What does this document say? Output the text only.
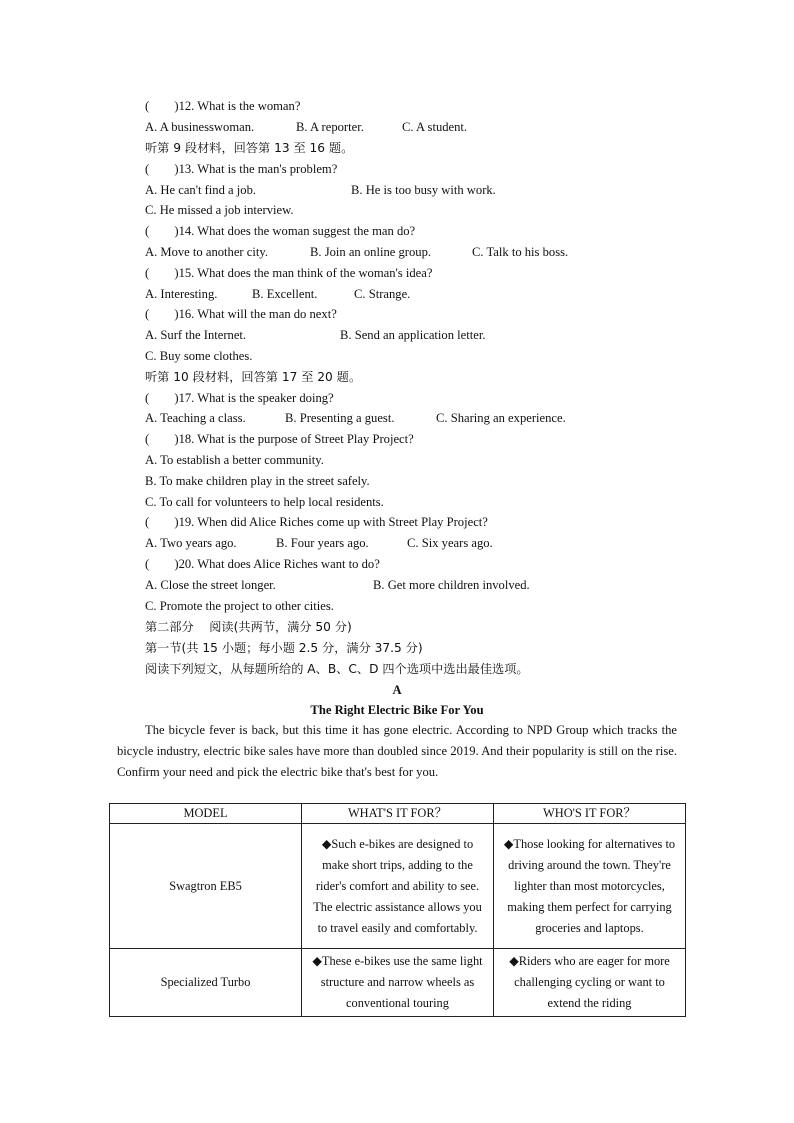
(        )12. What is the woman?
A. A businesswoman.	B. A reporter.	C. A student.
听第 9 段材料，回答第 13 至 16 题。
(        )13. What is the man's problem?
A. He can't find a job.	B. He is too busy with work.
C. He missed a job interview.
(        )14. What does the woman suggest the man do?
A. Move to another city.	B. Join an online group.	C. Talk to his boss.
(        )15. What does the man think of the woman's idea?
A. Interesting.	B. Excellent.	C. Strange.
(        )16. What will the man do next?
A. Surf the Internet.	B. Send an application letter.
C. Buy some clothes.
听第 10 段材料，回答第 17 至 20 题。
(        )17. What is the speaker doing?
A. Teaching a class.	B. Presenting a guest.	C. Sharing an experience.
(        )18. What is the purpose of Street Play Project?
A. To establish a better community.
B. To make children play in the street safely.
C. To call for volunteers to help local residents.
(        )19. When did Alice Riches come up with Street Play Project?
A. Two years ago.	B. Four years ago.	C. Six years ago.
(        )20. What does Alice Riches want to do?
A. Close the street longer.	B. Get more children involved.
C. Promote the project to other cities.
第二部分    阅读(共两节，满分 50 分)
第一节(共 15 小题；每小题 2.5 分，满分 37.5 分)
阅读下列短文，从每题所给的 A、B、C、D 四个选项中选出最佳选项。
A
The Right Electric Bike For You
The bicycle fever is back, but this time it has gone electric. According to NPD Group which tracks the bicycle industry, electric bike sales have more than doubled since 2019. And their popularity is still on the rise. Confirm your need and pick the electric bike that's best for you.
MODEL	WHAT'S IT FOR？	WHO'S IT FOR？
Swagtron EB5	◆Such e-bikes are designed to make short trips, adding to the rider's comfort and ability to see. The electric assistance allows you to travel easily and comfortably.	◆Those looking for alternatives to driving around the town. They're lighter than most motorcycles, making them perfect for carrying groceries and laptops.
Specialized Turbo	◆These e-bikes use the same light structure and narrow wheels as conventional touring	◆Riders who are eager for more challenging cycling or want to extend the riding
